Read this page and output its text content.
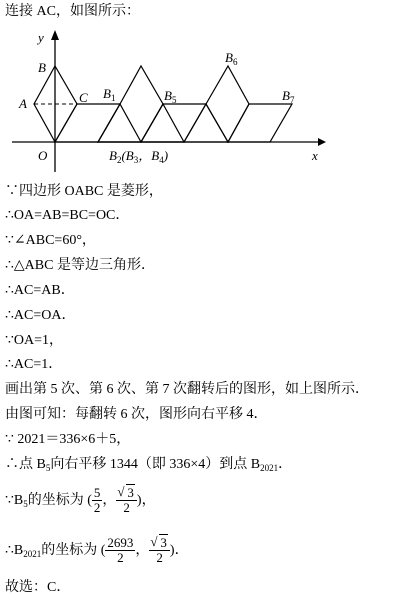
连接 AC，如图所示：
y
x
B
A	C
O
$B_1$	$B_5$
$B_6$
$B_7$
$B_2(B_3$，$B_4$)
∵四边形 OABC 是菱形，
∴OA=AB=BC=OC．
∵∠ABC=60°，
∴△ABC 是等边三角形．
∴AC=AB．
∴AC=OA．
∵OA=1，
∴AC=1．
画出第 5 次、第 6 次、第 7 次翻转后的图形，如上图所示．
由图可知：每翻转 6 次，图形向右平移 4．
∵ 2021＝336×6＋5，
∴点 $B_5$向右平移 1344（即 336×4）到点 $B_{2021}$．
$\because B_5$的坐标为 ( $\frac{5}{2}$ ， √ $\frac{3}{2}$ )，
$\therefore B_{2021}$的坐标为 ( $\frac{2693}{2}$ ， √ $\frac{3}{2}$ )．
故选：C．
